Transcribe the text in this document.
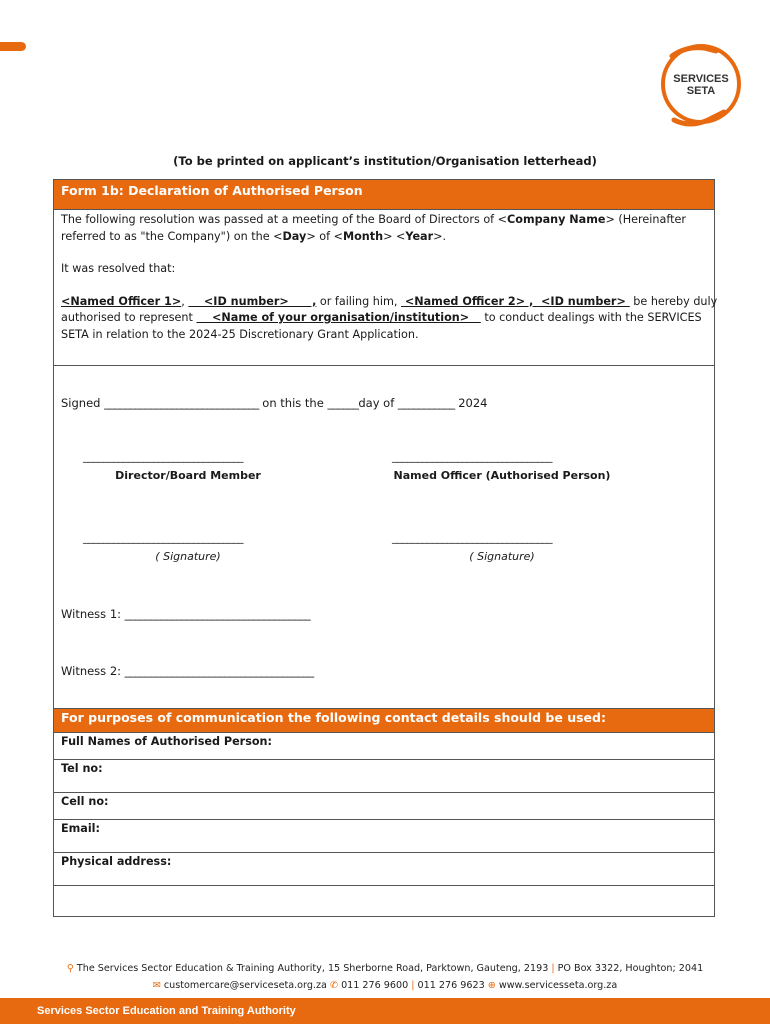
SERVICES
SETA
(To be printed on applicant’s institution/Organisation letterhead)
Form 1b: Declaration of Authorised Person

The following resolution was passed at a meeting of the Board of Directors of <Company Name> (Hereinafter

referred to as "the Company") on the <Day> of <Month> <Year>.

It was resolved that:

<Named Officer 1>,     <ID number>      , or failing him,  <Named Officer 2> ,  <ID number>  be hereby duly

authorised to represent     <Name of your organisation/institution>    to conduct dealings with the SERVICES

SETA in relation to the 2024-25 Discretionary Grant Application.

Signed ______________________________ on this the ______day of ___________ 2024
________________________________
Director/Board Member
________________________________
Named Officer (Authorised Person)
________________________________
( Signature)
________________________________
( Signature)
Witness 1: ____________________________________
Witness 2: ____________________________________
For purposes of communication the following contact details should be used:
Full Names of Authorised Person:
Tel no:
Cell no:
Email:
Physical address:
⚲ The Services Sector Education & Training Authority, 15 Sherborne Road, Parktown, Gauteng, 2193 | PO Box 3322, Houghton; 2041
✉ customercare@serviceseta.org.za ✆ 011 276 9600 | 011 276 9623 ⊕ www.servicesseta.org.za
Services Sector Education and Training Authority
